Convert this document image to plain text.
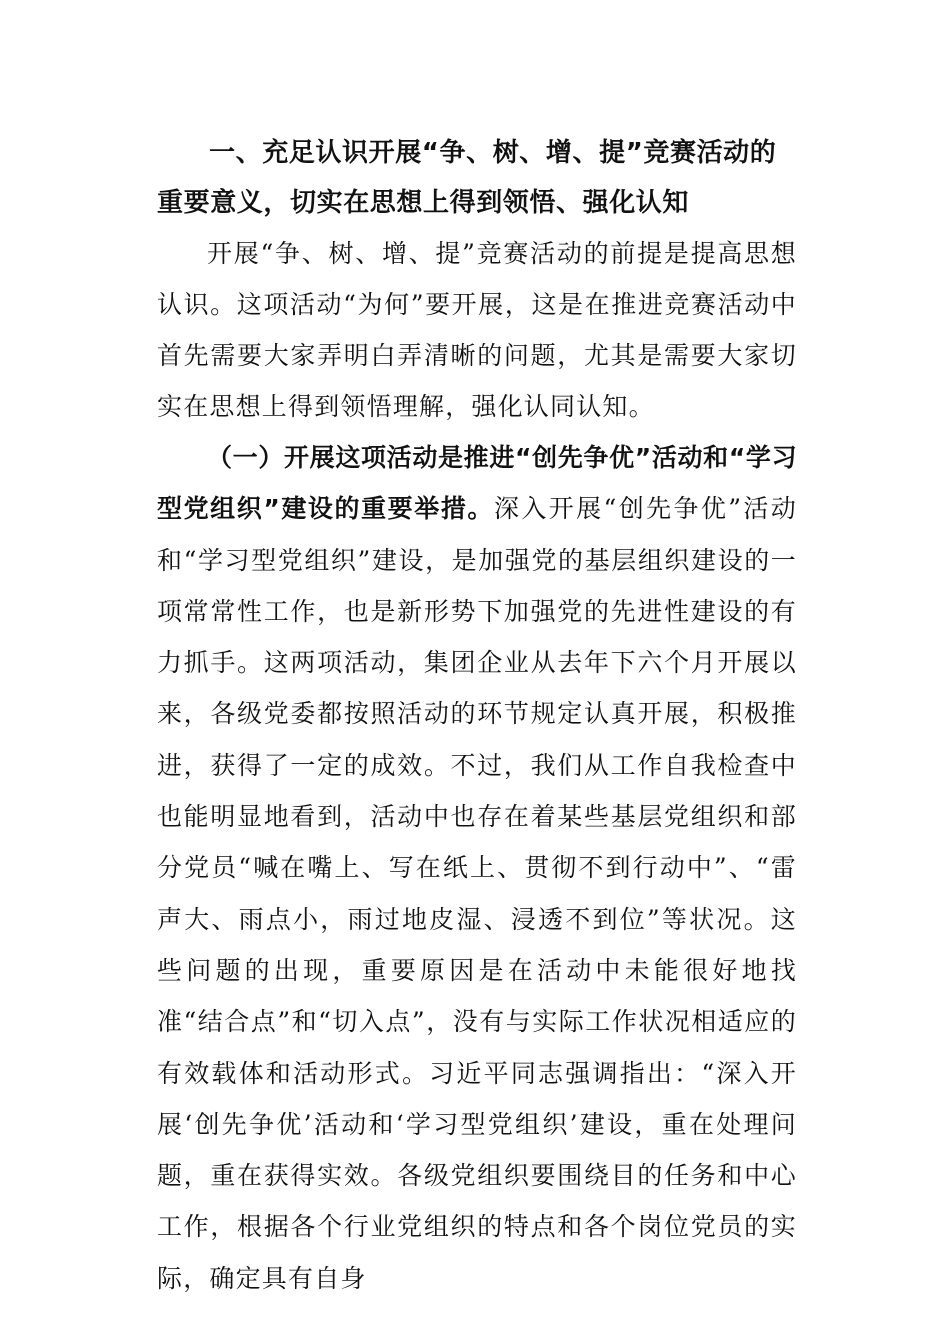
一、充足认识开展“争、树、增、提”竞赛活动的重要意义，切实在思想上得到领悟、强化认知

开展“争、树、增、提”竞赛活动的前提是提高思想认识。这项活动“为何”要开展，这是在推进竞赛活动中首先需要大家弄明白弄清晰的问题，尤其是需要大家切实在思想上得到领悟理解，强化认同认知。

（一）开展这项活动是推进“创先争优”活动和“学习型党组织”建设的重要举措。深入开展“创先争优”活动和“学习型党组织”建设，是加强党的基层组织建设的一项常常性工作，也是新形势下加强党的先进性建设的有力抓手。这两项活动，集团企业从去年下六个月开展以来，各级党委都按照活动的环节规定认真开展，积极推进，获得了一定的成效。不过，我们从工作自我检查中也能明显地看到，活动中也存在着某些基层党组织和部分党员“喊在嘴上、写在纸上、贯彻不到行动中”、“雷声大、雨点小，雨过地皮湿、浸透不到位”等状况。这些问题的出现，重要原因是在活动中未能很好地找准“结合点”和“切入点”，没有与实际工作状况相适应的有效载体和活动形式。习近平同志强调指出：“深入开展‘创先争优’活动和‘学习型党组织’建设，重在处理问题，重在获得实效。各级党组织要围绕目的任务和中心工作，根据各个行业党组织的特点和各个岗位党员的实际，确定具有自身
